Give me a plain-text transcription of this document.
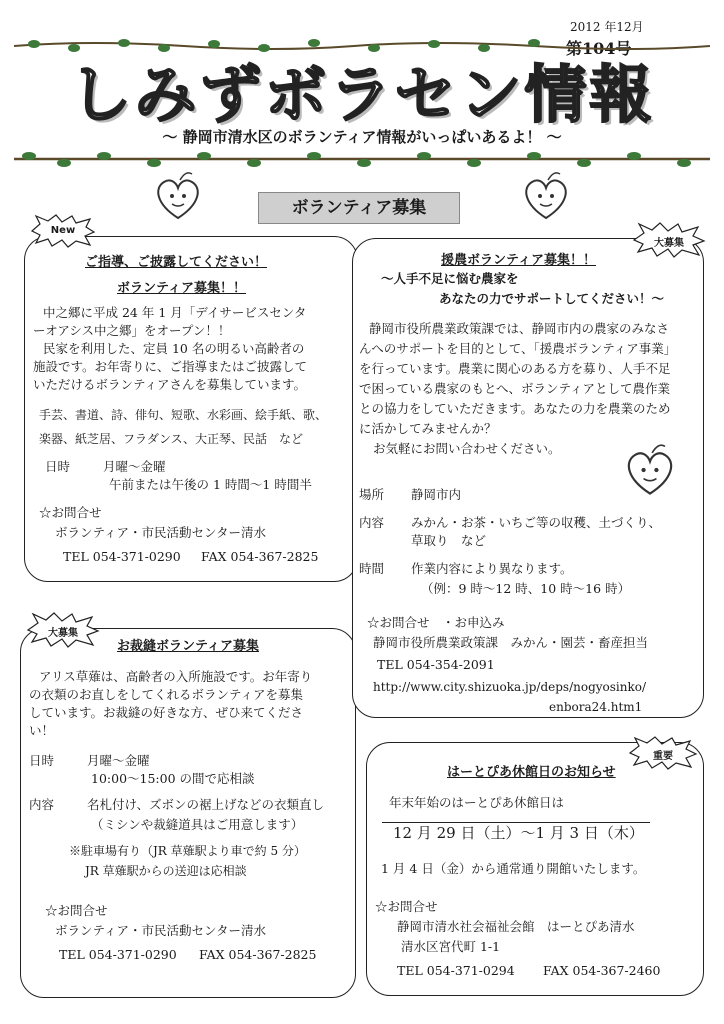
2012 年12月
第104号
しみずボラセン情報
～ 静岡市清水区のボランティア情報がいっぱいあるよ！ ～
ボランティア募集
ご指導、ご披露してください！
ボランティア募集！！
中之郷に平成 24 年 1 月「デイサービスセンタ
ーオアシス中之郷」をオープン！！
民家を利用した、定員 10 名の明るい高齢者の
施設です。お年寄りに、ご指導またはご披露して
いただけるボランティアさんを募集しています。
手芸、書道、詩、俳句、短歌、水彩画、絵手紙、歌、
楽器、紙芝居、フラダンス、大正琴、民話　など
日時	月曜～金曜
午前または午後の 1 時間～1 時間半
☆お問合せ
ボランティア・市民活動センター清水
TEL 054-371-0290 FAX 054-367-2825
New
お裁縫ボランティア募集
アリス草薙は、高齢者の入所施設です。お年寄り
の衣類のお直しをしてくれるボランティアを募集
しています。お裁縫の好きな方、ぜひ来てくださ
い！
日時	月曜～金曜
10:00～15:00 の間で応相談
内容	名札付け、ズボンの裾上げなどの衣類直し
（ミシンや裁縫道具はご用意します）
※駐車場有り（JR 草薙駅より車で約 5 分）
JR 草薙駅からの送迎は応相談
☆お問合せ
ボランティア・市民活動センター清水
TEL 054-371-0290 FAX 054-367-2825
大募集
援農ボランティア募集！！
～人手不足に悩む農家を
あなたの力でサポートしてください！～
静岡市役所農業政策課では、静岡市内の農家のみなさ
んへのサポートを目的として、「援農ボランティア事業」
を行っています。農業に関心のある方を募り、人手不足
で困っている農家のもとへ、ボランティアとして農作業
との協力をしていただきます。あなたの力を農業のため
に活かしてみませんか？
お気軽にお問い合わせください。
場所 静岡市内
内容 みかん・お茶・いちご等の収穫、土づくり、
草取り　など
時間 作業内容により異なります。
（例：9 時～12 時、10 時～16 時）
☆お問合せ　・お申込み
静岡市役所農業政策課　みかん・園芸・畜産担当
TEL 054-354-2091
http://www.city.shizuoka.jp/deps/nogyosinko/
enbora24.htm1
大募集
はーとぴあ休館日のお知らせ
年末年始のはーとぴあ休館日は
12 月 29 日（土）～1 月 3 日（木）
1 月 4 日（金）から通常通り開館いたします。
☆お問合せ
静岡市清水社会福祉会館　はーとぴあ清水
清水区宮代町 1-1
TEL 054-371-0294 FAX 054-367-2460
重要
